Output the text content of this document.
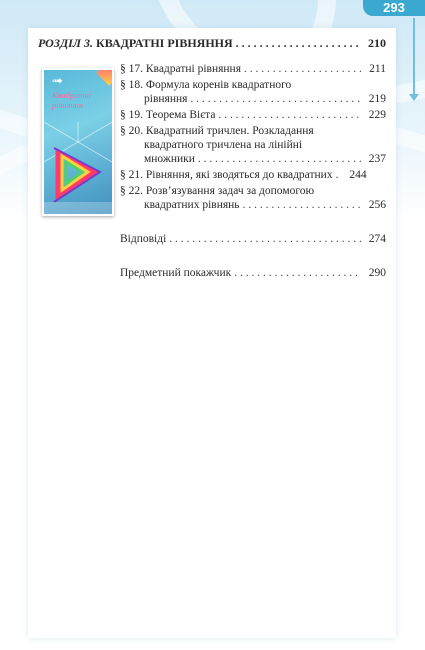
293
РОЗДІЛ 3. КВАДРАТНІ РІВНЯННЯ . . .	210
➟
Квадратні рівняння
§ 17. Квадратні рівняння . . .	211
§ 18. Формула коренів квадратного
рівняння . . .	219
§ 19. Теорема Вієта . . .	229
§ 20. Квадратний тричлен. Розкладання
квадратного тричлена на лінійні
множники . . .	237
§ 21. Рівняння, які зводяться до квадратних . . .	244
§ 22. Розв’язування задач за допомогою
квадратних рівнянь . . .	256
Відповіді . . .	274
Предметний покажчик . . .	290
